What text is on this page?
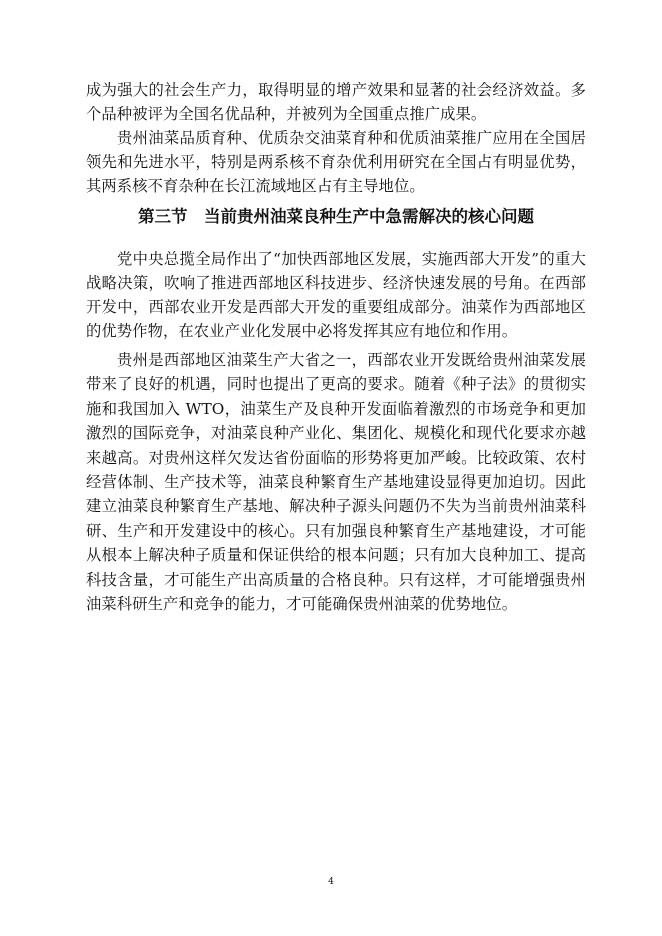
成为强大的社会生产力，取得明显的增产效果和显著的社会经济效益。多个品种被评为全国名优品种，并被列为全国重点推广成果。

贵州油菜品质育种、优质杂交油菜育种和优质油菜推广应用在全国居领先和先进水平，特别是两系核不育杂优利用研究在全国占有明显优势，其两系核不育杂种在长江流域地区占有主导地位。

第三节　当前贵州油菜良种生产中急需解决的核心问题

党中央总揽全局作出了“加快西部地区发展，实施西部大开发”的重大战略决策，吹响了推进西部地区科技进步、经济快速发展的号角。在西部开发中，西部农业开发是西部大开发的重要组成部分。油菜作为西部地区的优势作物，在农业产业化发展中必将发挥其应有地位和作用。

贵州是西部地区油菜生产大省之一，西部农业开发既给贵州油菜发展带来了良好的机遇，同时也提出了更高的要求。随着《种子法》的贯彻实施和我国加入 WTO，油菜生产及良种开发面临着激烈的市场竞争和更加激烈的国际竞争，对油菜良种产业化、集团化、规模化和现代化要求亦越来越高。对贵州这样欠发达省份面临的形势将更加严峻。比较政策、农村经营体制、生产技术等，油菜良种繁育生产基地建设显得更加迫切。因此建立油菜良种繁育生产基地、解决种子源头问题仍不失为当前贵州油菜科研、生产和开发建设中的核心。只有加强良种繁育生产基地建设，才可能从根本上解决种子质量和保证供给的根本问题；只有加大良种加工、提高科技含量，才可能生产出高质量的合格良种。只有这样，才可能增强贵州油菜科研生产和竞争的能力，才可能确保贵州油菜的优势地位。

4
